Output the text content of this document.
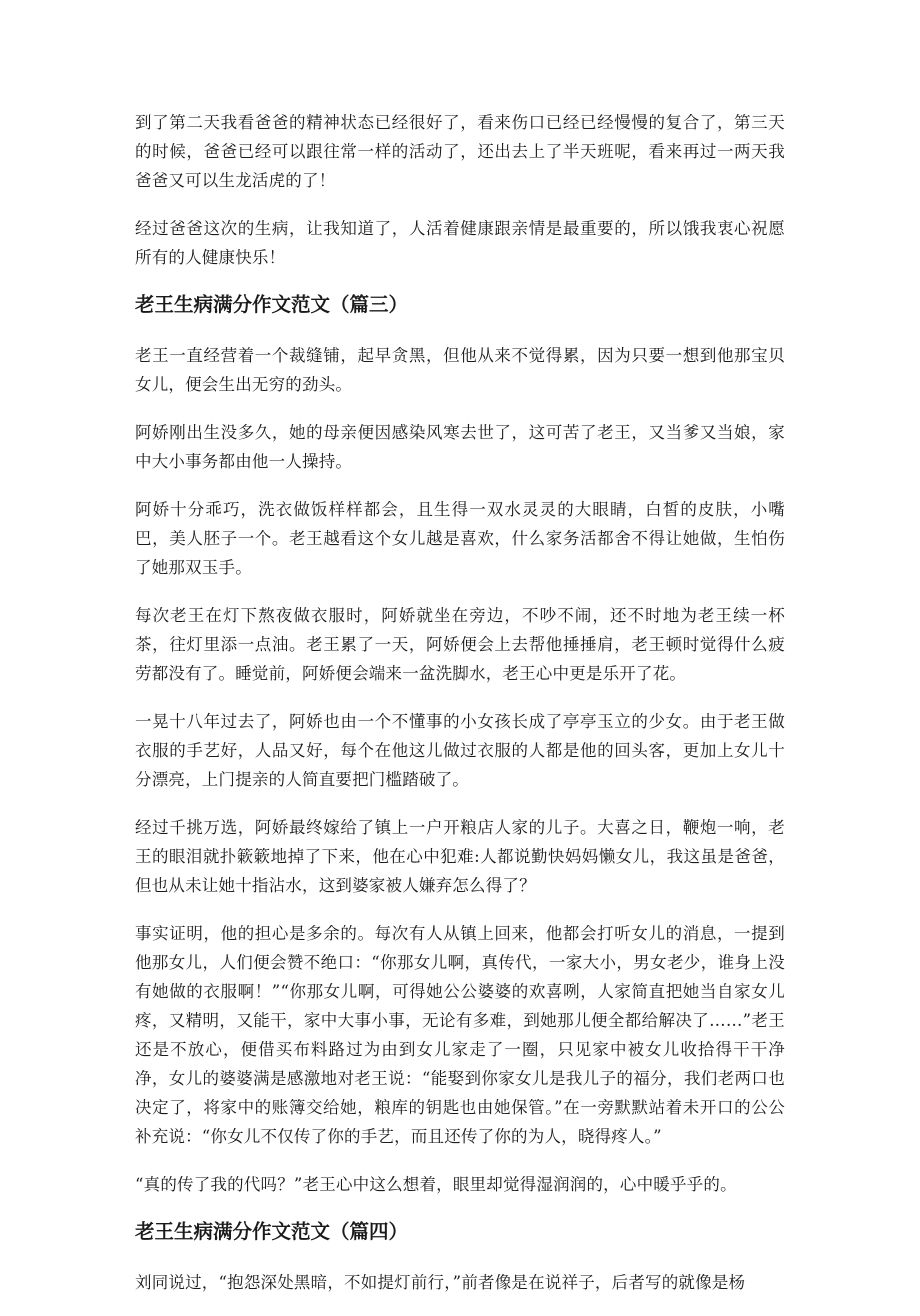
到了第二天我看爸爸的精神状态已经很好了，看来伤口已经已经慢慢的复合了，第三天的时候，爸爸已经可以跟往常一样的活动了，还出去上了半天班呢，看来再过一两天我爸爸又可以生龙活虎的了！

经过爸爸这次的生病，让我知道了，人活着健康跟亲情是最重要的，所以饿我衷心祝愿所有的人健康快乐！

老王生病满分作文范文（篇三）

老王一直经营着一个裁缝铺，起早贪黑，但他从来不觉得累，因为只要一想到他那宝贝女儿，便会生出无穷的劲头。

阿娇刚出生没多久，她的母亲便因感染风寒去世了，这可苦了老王，又当爹又当娘，家中大小事务都由他一人操持。

阿娇十分乖巧，洗衣做饭样样都会，且生得一双水灵灵的大眼睛，白皙的皮肤，小嘴巴，美人胚子一个。老王越看这个女儿越是喜欢，什么家务活都舍不得让她做，生怕伤了她那双玉手。

每次老王在灯下熬夜做衣服时，阿娇就坐在旁边，不吵不闹，还不时地为老王续一杯茶，往灯里添一点油。老王累了一天，阿娇便会上去帮他捶捶肩，老王顿时觉得什么疲劳都没有了。睡觉前，阿娇便会端来一盆洗脚水，老王心中更是乐开了花。

一晃十八年过去了，阿娇也由一个不懂事的小女孩长成了亭亭玉立的少女。由于老王做衣服的手艺好，人品又好，每个在他这儿做过衣服的人都是他的回头客，更加上女儿十分漂亮，上门提亲的人简直要把门槛踏破了。

经过千挑万选，阿娇最终嫁给了镇上一户开粮店人家的儿子。大喜之日，鞭炮一响，老王的眼泪就扑簌簌地掉了下来，他在心中犯难:人都说勤快妈妈懒女儿，我这虽是爸爸，但也从未让她十指沾水，这到婆家被人嫌弃怎么得了？

事实证明，他的担心是多余的。每次有人从镇上回来，他都会打听女儿的消息，一提到他那女儿，人们便会赞不绝口：“你那女儿啊，真传代，一家大小，男女老少，谁身上没有她做的衣服啊！”“你那女儿啊，可得她公公婆婆的欢喜咧，人家简直把她当自家女儿疼，又精明，又能干，家中大事小事，无论有多难，到她那儿便全都给解决了……”老王还是不放心，便借买布料路过为由到女儿家走了一圈，只见家中被女儿收拾得干干净净，女儿的婆婆满是感激地对老王说：“能娶到你家女儿是我儿子的福分，我们老两口也决定了，将家中的账簿交给她，粮库的钥匙也由她保管。”在一旁默默站着未开口的公公补充说：“你女儿不仅传了你的手艺，而且还传了你的为人，晓得疼人。”

“真的传了我的代吗？”老王心中这么想着，眼里却觉得湿润润的，心中暖乎乎的。

老王生病满分作文范文（篇四）

刘同说过，“抱怨深处黑暗，不如提灯前行，”前者像是在说祥子，后者写的就像是杨
